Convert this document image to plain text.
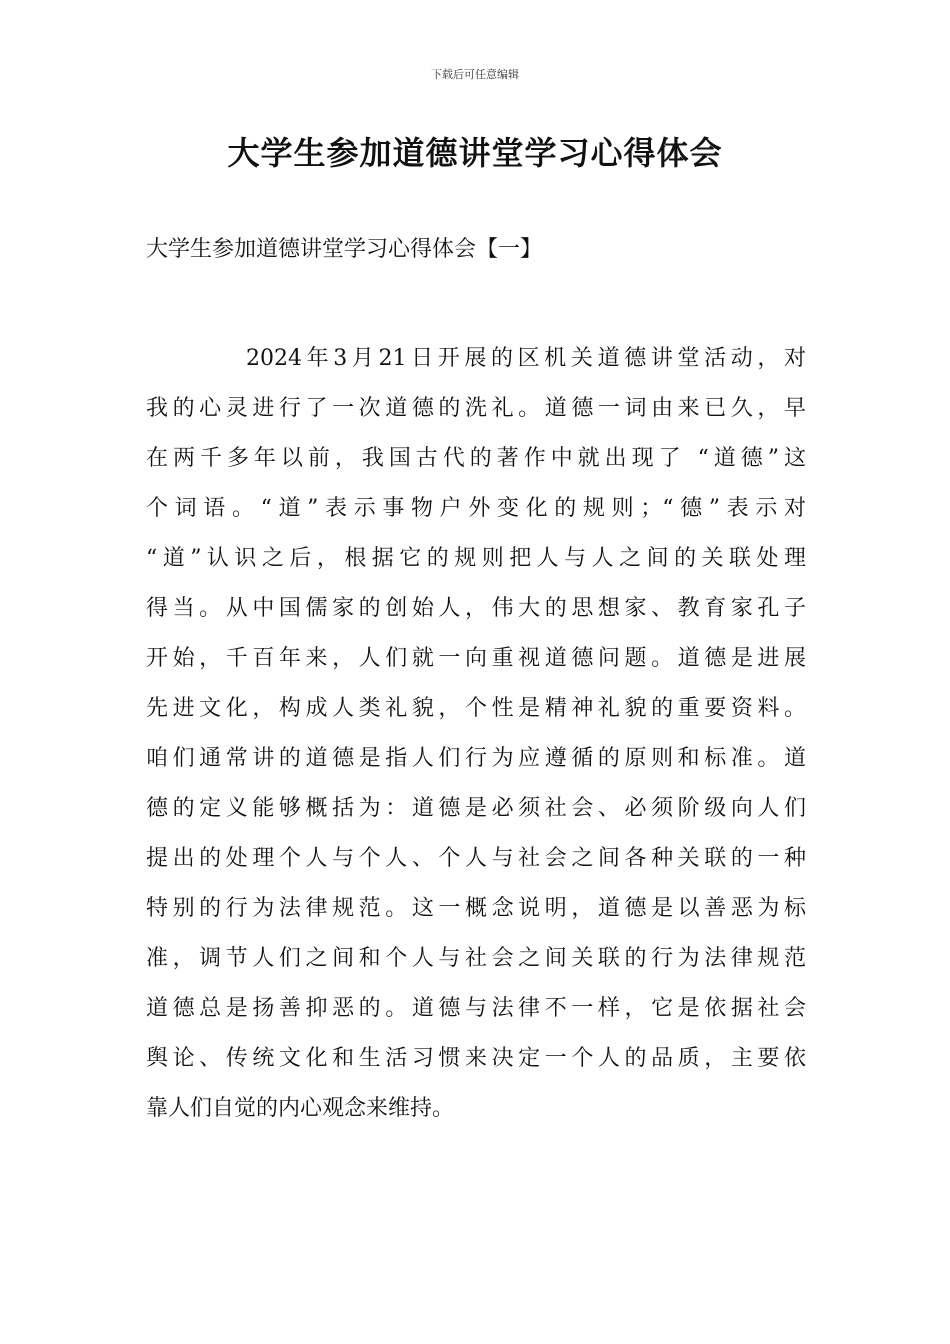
下载后可任意编辑
大学生参加道德讲堂学习心得体会
大学生参加道德讲堂学习心得体会【一】
2024年3月21日开展的区机关道德讲堂活动，对
我的心灵进行了一次道德的洗礼。道德一词由来已久，早
在两千多年以前，我国古代的著作中就出现了 “道德”这
个词语。“道”表示事物户外变化的规则；“德”表示对
“道”认识之后，根据它的规则把人与人之间的关联处理
得当。从中国儒家的创始人，伟大的思想家、教育家孔子
开始，千百年来，人们就一向重视道德问题。道德是进展
先进文化，构成人类礼貌，个性是精神礼貌的重要资料。
咱们通常讲的道德是指人们行为应遵循的原则和标准。道
德的定义能够概括为：道德是必须社会、必须阶级向人们
提出的处理个人与个人、个人与社会之间各种关联的一种
特别的行为法律规范。这一概念说明，道德是以善恶为标
准，调节人们之间和个人与社会之间关联的行为法律规范
道德总是扬善抑恶的。道德与法律不一样，它是依据社会
舆论、传统文化和生活习惯来决定一个人的品质，主要依
靠人们自觉的内心观念来维持。
